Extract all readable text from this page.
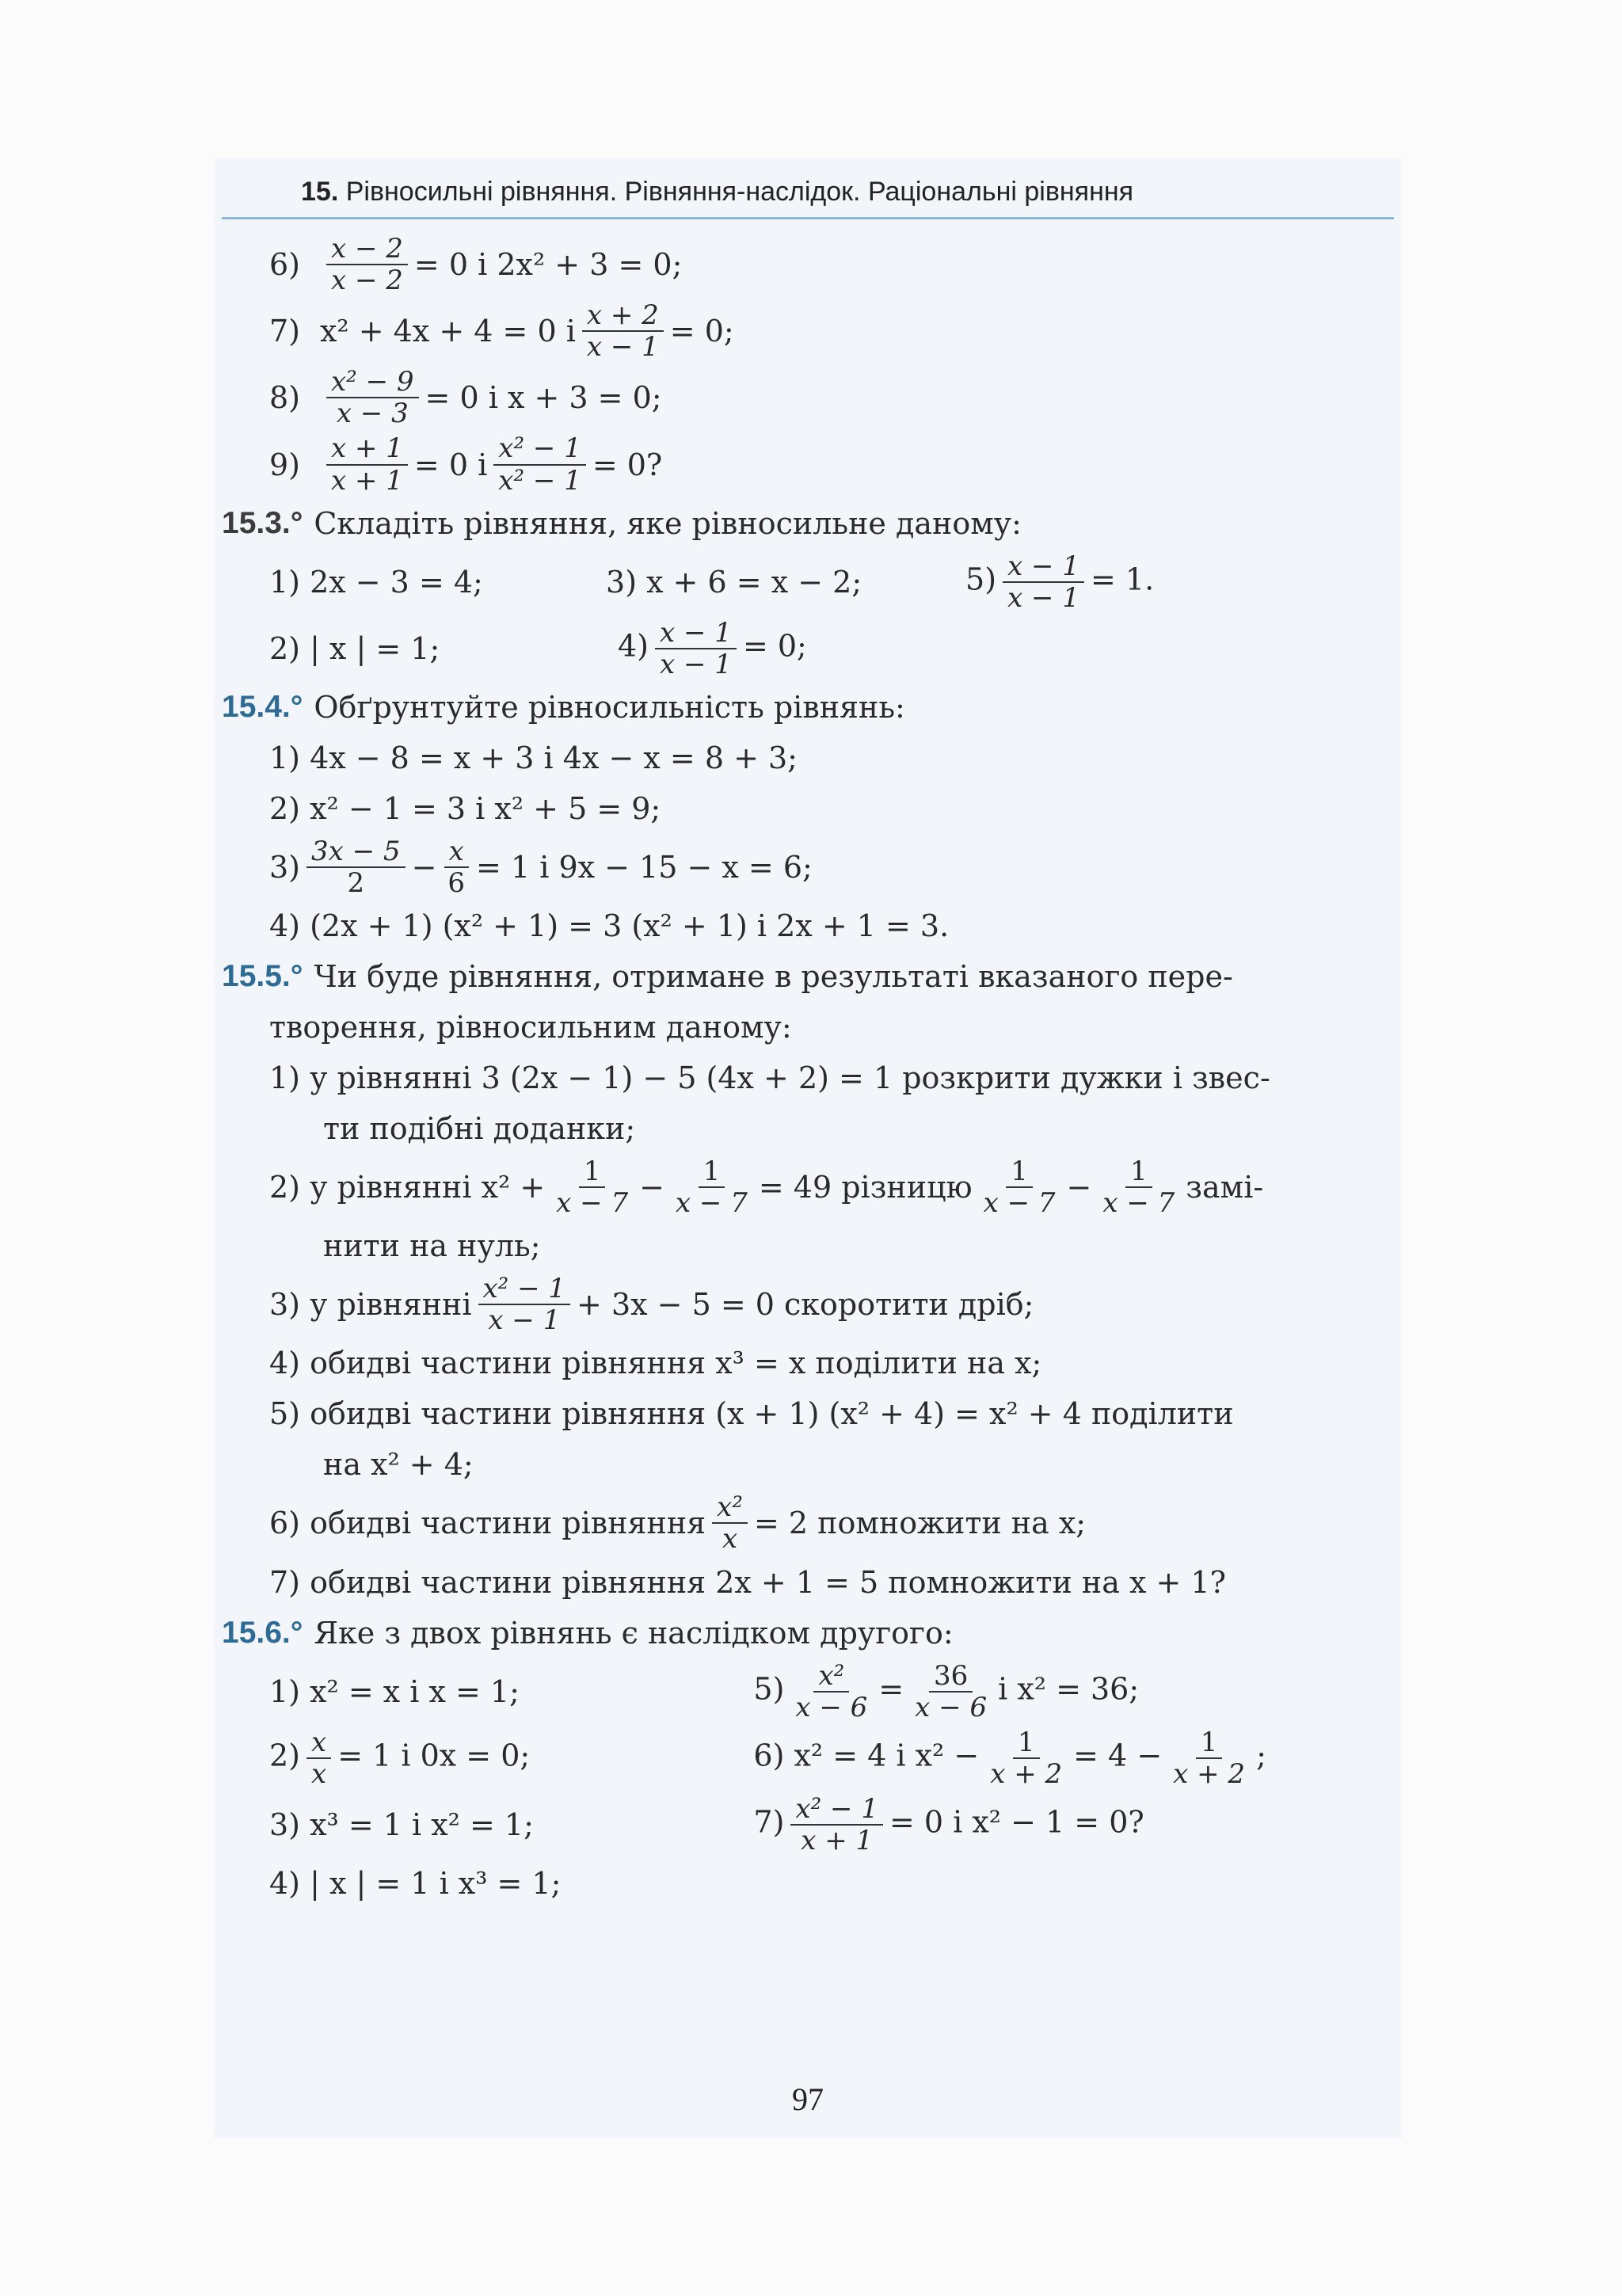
15. Рівносильні рівняння. Рівняння-наслідок. Раціональні рівняння
$6) \frac{x - 2}{x - 2} = 0$
і
2x² + 3 = 0;
7) x² + 4x + 4 = 0
і $\frac{x + 2}{x - 1} = 0$;
$8) \frac{\text{x² − 9}}{x - 3} = 0$
і
x + 3 = 0;
$9) \frac{x + 1}{x + 1} = 0$
і $\frac{\text{x² − 1}}{\text{x² − 1}} = 0$?
15.3.° Складіть рівняння, яке рівносильне даному:
1) 2x − 3 = 4;	3) x + 6 = x − 2;	$5) \frac{x - 1}{x - 1} = 1$.
2) | x | = 1;	$4) \frac{x - 1}{x - 1} = 0$;
15.4.° Обґрунтуйте рівносильність рівнянь:
1) 4x − 8 = x + 3 і 4x − x = 8 + 3;
2) x² − 1 = 3 і x² + 5 = 9;
$3) \frac{3x - 5}{2} - \frac{x}{6} = 1$ і 9x − 15 − x = 6;
4) (2x + 1) (x² + 1) = 3 (x² + 1) і 2x + 1 = 3.
15.5.° Чи буде рівняння, отримане в результаті вказаного пере-
творення, рівносильним даному:
1) у рівнянні 3 (2x − 1) − 5 (4x + 2) = 1 розкрити дужки і звес-
ти подібні доданки;
2) у рівнянні $x^2 + \frac{1}{x - 7} - \frac{1}{x - 7} = 49$ різницю $\frac{1}{x - 7} - \frac{1}{x - 7}$ замі-
нити на нуль;
3) у рівнянні $\frac{\text{x² − 1}}{x - 1} + 3x - 5 = 0$ скоротити дріб;
4) обидві частини рівняння x³ = x поділити на x;
5) обидві частини рівняння (x + 1) (x² + 4) = x² + 4 поділити
на x² + 4;
6) обидві частини рівняння $\frac{\text{x²}}{x} = 2$ помножити на x;
7) обидві частини рівняння 2x + 1 = 5 помножити на x + 1?
15.6.° Яке з двох рівнянь є наслідком другого:
1) x² = x і x = 1;	$5) \frac{\text{x²}}{x - 6} = \frac{36}{x - 6}$ і x² = 36;
$2) \frac{x}{x} = 1$ і 0x = 0;	6) x² = 4 і $x^2 - \frac{1}{x + 2} = 4 - \frac{1}{x + 2}$ ;
3) x³ = 1 і x² = 1;	$7) \frac{\text{x² − 1}}{x + 1} = 0$ і x² − 1 = 0?
4) | x | = 1 і x³ = 1;
97
